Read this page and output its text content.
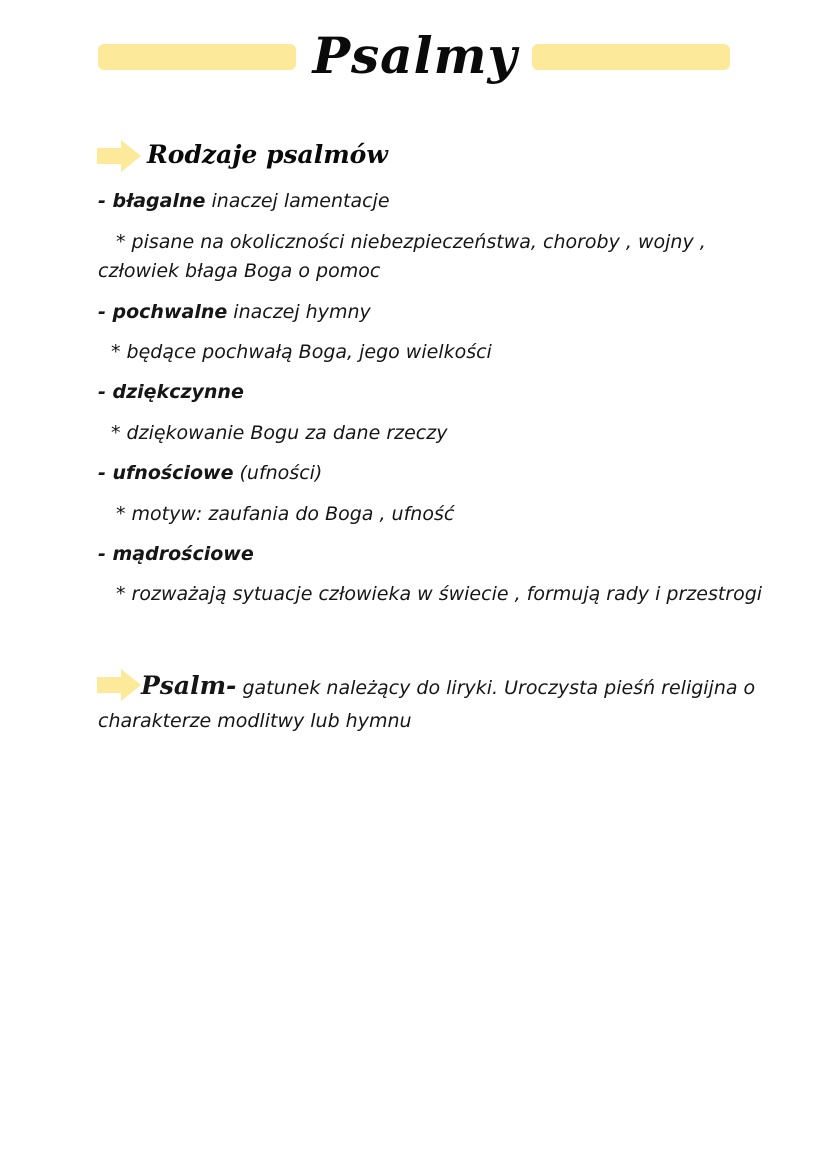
Psalmy
Rodzaje psalmów
- błagalne inaczej lamentacje
* pisane na okoliczności niebezpieczeństwa, choroby , wojny ,
człowiek błaga Boga o pomoc
- pochwalne inaczej hymny
* będące pochwałą Boga, jego wielkości
- dziękczynne
* dziękowanie Bogu za dane rzeczy
- ufnościowe (ufności)
* motyw: zaufania do Boga , ufność
- mądrościowe
* rozważają sytuacje człowieka w świecie , formują rady i przestrogi
Psalm- gatunek należący do liryki. Uroczysta pieśń religijna o
charakterze modlitwy lub hymnu
